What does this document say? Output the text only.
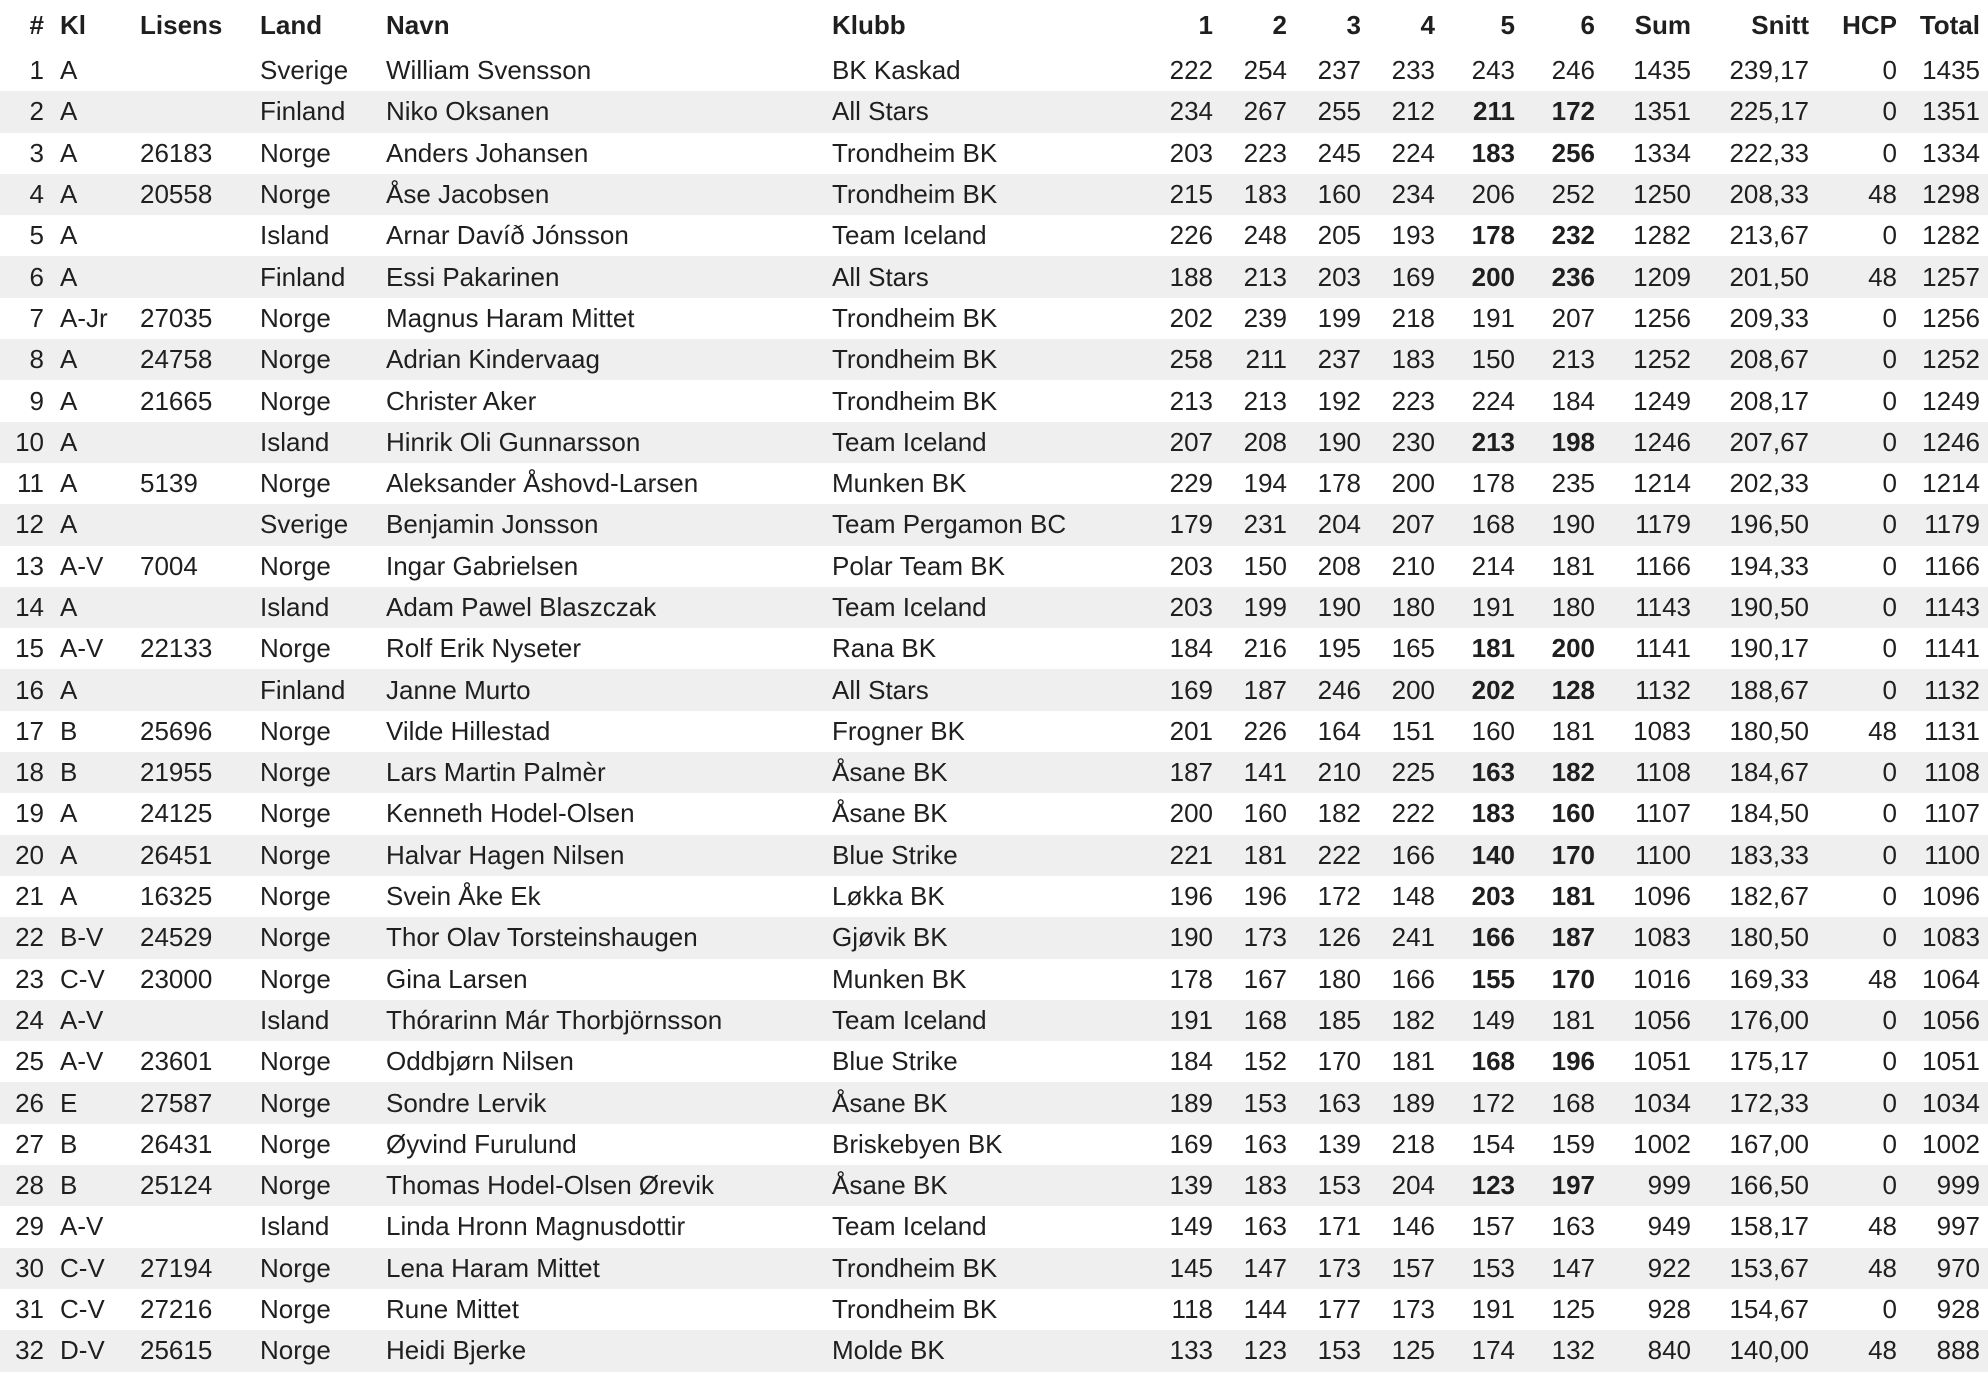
#	Kl	Lisens	Land	Navn	Klubb	1	2	3	4	5	6	Sum	Snitt	HCP	Total
1	A		Sverige	William Svensson	BK Kaskad	222	254	237	233	243	246	1435	239,17	0	1435
2	A		Finland	Niko Oksanen	All Stars	234	267	255	212	211	172	1351	225,17	0	1351
3	A	26183	Norge	Anders Johansen	Trondheim BK	203	223	245	224	183	256	1334	222,33	0	1334
4	A	20558	Norge	Åse Jacobsen	Trondheim BK	215	183	160	234	206	252	1250	208,33	48	1298
5	A		Island	Arnar Davíð Jónsson	Team Iceland	226	248	205	193	178	232	1282	213,67	0	1282
6	A		Finland	Essi Pakarinen	All Stars	188	213	203	169	200	236	1209	201,50	48	1257
7	A-Jr	27035	Norge	Magnus Haram Mittet	Trondheim BK	202	239	199	218	191	207	1256	209,33	0	1256
8	A	24758	Norge	Adrian Kindervaag	Trondheim BK	258	211	237	183	150	213	1252	208,67	0	1252
9	A	21665	Norge	Christer Aker	Trondheim BK	213	213	192	223	224	184	1249	208,17	0	1249
10	A		Island	Hinrik Oli Gunnarsson	Team Iceland	207	208	190	230	213	198	1246	207,67	0	1246
11	A	5139	Norge	Aleksander Åshovd-Larsen	Munken BK	229	194	178	200	178	235	1214	202,33	0	1214
12	A		Sverige	Benjamin Jonsson	Team Pergamon BC	179	231	204	207	168	190	1179	196,50	0	1179
13	A-V	7004	Norge	Ingar Gabrielsen	Polar Team BK	203	150	208	210	214	181	1166	194,33	0	1166
14	A		Island	Adam Pawel Blaszczak	Team Iceland	203	199	190	180	191	180	1143	190,50	0	1143
15	A-V	22133	Norge	Rolf Erik Nyseter	Rana BK	184	216	195	165	181	200	1141	190,17	0	1141
16	A		Finland	Janne Murto	All Stars	169	187	246	200	202	128	1132	188,67	0	1132
17	B	25696	Norge	Vilde Hillestad	Frogner BK	201	226	164	151	160	181	1083	180,50	48	1131
18	B	21955	Norge	Lars Martin Palmèr	Åsane BK	187	141	210	225	163	182	1108	184,67	0	1108
19	A	24125	Norge	Kenneth Hodel-Olsen	Åsane BK	200	160	182	222	183	160	1107	184,50	0	1107
20	A	26451	Norge	Halvar Hagen Nilsen	Blue Strike	221	181	222	166	140	170	1100	183,33	0	1100
21	A	16325	Norge	Svein Åke Ek	Løkka BK	196	196	172	148	203	181	1096	182,67	0	1096
22	B-V	24529	Norge	Thor Olav Torsteinshaugen	Gjøvik BK	190	173	126	241	166	187	1083	180,50	0	1083
23	C-V	23000	Norge	Gina Larsen	Munken BK	178	167	180	166	155	170	1016	169,33	48	1064
24	A-V		Island	Thórarinn Már Thorbjörnsson	Team Iceland	191	168	185	182	149	181	1056	176,00	0	1056
25	A-V	23601	Norge	Oddbjørn Nilsen	Blue Strike	184	152	170	181	168	196	1051	175,17	0	1051
26	E	27587	Norge	Sondre Lervik	Åsane BK	189	153	163	189	172	168	1034	172,33	0	1034
27	B	26431	Norge	Øyvind Furulund	Briskebyen BK	169	163	139	218	154	159	1002	167,00	0	1002
28	B	25124	Norge	Thomas Hodel-Olsen Ørevik	Åsane BK	139	183	153	204	123	197	999	166,50	0	999
29	A-V		Island	Linda Hronn Magnusdottir	Team Iceland	149	163	171	146	157	163	949	158,17	48	997
30	C-V	27194	Norge	Lena Haram Mittet	Trondheim BK	145	147	173	157	153	147	922	153,67	48	970
31	C-V	27216	Norge	Rune Mittet	Trondheim BK	118	144	177	173	191	125	928	154,67	0	928
32	D-V	25615	Norge	Heidi Bjerke	Molde BK	133	123	153	125	174	132	840	140,00	48	888
